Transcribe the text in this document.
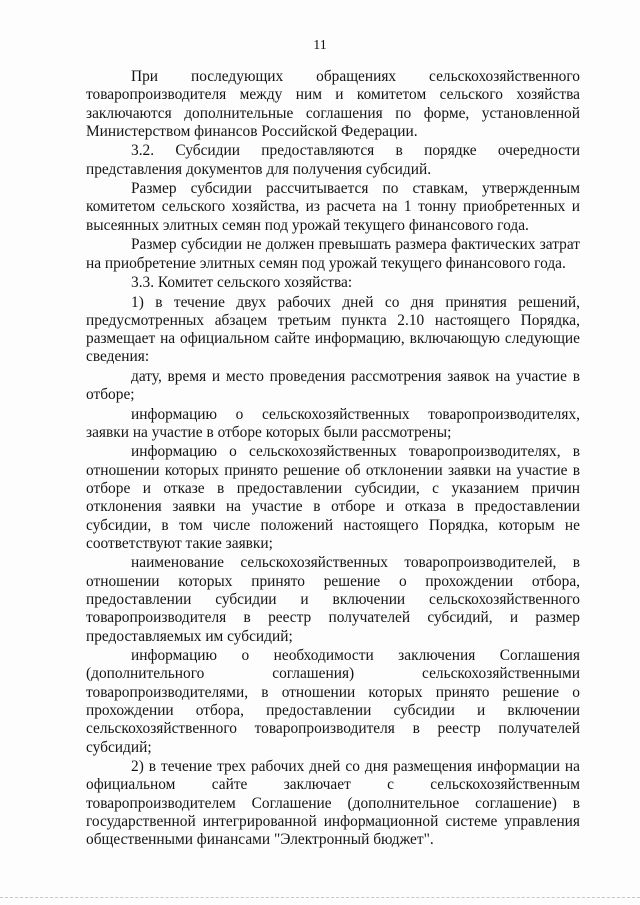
11

При последующих обращениях сельскохозяйственного товаропроизводителя между ним и комитетом сельского хозяйства заключаются дополнительные соглашения по форме, установленной Министерством финансов Российской Федерации.

3.2. Субсидии предоставляются в порядке очередности представления документов для получения субсидий.

Размер субсидии рассчитывается по ставкам, утвержденным комитетом сельского хозяйства, из расчета на 1 тонну приобретенных и высеянных элитных семян под урожай текущего финансового года.

Размер субсидии не должен превышать размера фактических затрат на приобретение элитных семян под урожай текущего финансового года.

3.3. Комитет сельского хозяйства:

1) в течение двух рабочих дней со дня принятия решений, предусмотренных абзацем третьим пункта 2.10 настоящего Порядка, размещает на официальном сайте информацию, включающую следующие сведения:

дату, время и место проведения рассмотрения заявок на участие в отборе;

информацию о сельскохозяйственных товаропроизводителях, заявки на участие в отборе которых были рассмотрены;

информацию о сельскохозяйственных товаропроизводителях, в отношении которых принято решение об отклонении заявки на участие в отборе и отказе в предоставлении субсидии, с указанием причин отклонения заявки на участие в отборе и отказа в предоставлении субсидии, в том числе положений настоящего Порядка, которым не соответствуют такие заявки;

наименование сельскохозяйственных товаропроизводителей, в отношении которых принято решение о прохождении отбора, предоставлении субсидии и включении сельскохозяйственного товаропроизводителя в реестр получателей субсидий, и размер предоставляемых им субсидий;

информацию о необходимости заключения Соглашения (дополнительного соглашения) сельскохозяйственными товаропроизводителями, в отношении которых принято решение о прохождении отбора, предоставлении субсидии и включении сельскохозяйственного товаропроизводителя в реестр получателей субсидий;

2) в течение трех рабочих дней со дня размещения информации на официальном сайте заключает с сельскохозяйственным товаропроизводителем Соглашение (дополнительное соглашение) в государственной интегрированной информационной системе управления общественными финансами "Электронный бюджет".
